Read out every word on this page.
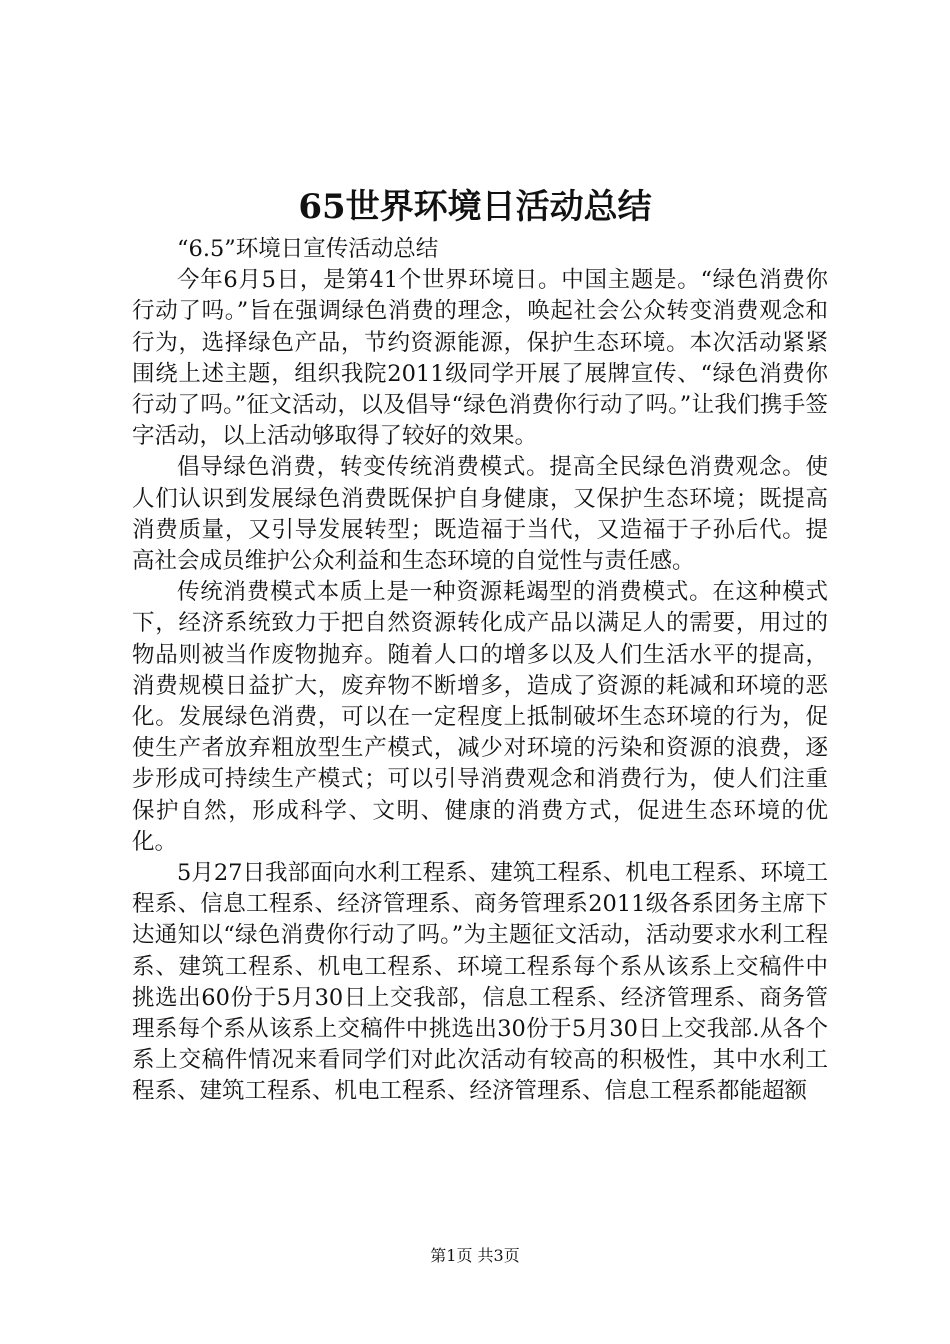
65世界环境日活动总结

“6.5”环境日宣传活动总结

今年6月5日，是第41个世界环境日。中国主题是。“绿色消费你行动了吗。”旨在强调绿色消费的理念，唤起社会公众转变消费观念和行为，选择绿色产品，节约资源能源，保护生态环境。本次活动紧紧围绕上述主题，组织我院2011级同学开展了展牌宣传、“绿色消费你行动了吗。”征文活动，以及倡导“绿色消费你行动了吗。”让我们携手签字活动，以上活动够取得了较好的效果。

倡导绿色消费，转变传统消费模式。提高全民绿色消费观念。使人们认识到发展绿色消费既保护自身健康，又保护生态环境；既提高消费质量，又引导发展转型；既造福于当代，又造福于子孙后代。提高社会成员维护公众利益和生态环境的自觉性与责任感。

传统消费模式本质上是一种资源耗竭型的消费模式。在这种模式下，经济系统致力于把自然资源转化成产品以满足人的需要，用过的物品则被当作废物抛弃。随着人口的增多以及人们生活水平的提高，消费规模日益扩大，废弃物不断增多，造成了资源的耗减和环境的恶化。发展绿色消费，可以在一定程度上抵制破坏生态环境的行为，促使生产者放弃粗放型生产模式，减少对环境的污染和资源的浪费，逐步形成可持续生产模式；可以引导消费观念和消费行为，使人们注重保护自然，形成科学、文明、健康的消费方式，促进生态环境的优化。

5月27日我部面向水利工程系、建筑工程系、机电工程系、环境工程系、信息工程系、经济管理系、商务管理系2011级各系团务主席下达通知以“绿色消费你行动了吗。”为主题征文活动，活动要求水利工程系、建筑工程系、机电工程系、环境工程系每个系从该系上交稿件中挑选出60份于5月30日上交我部，信息工程系、经济管理系、商务管理系每个系从该系上交稿件中挑选出30份于5月30日上交我部.从各个系上交稿件情况来看同学们对此次活动有较高的积极性，其中水利工程系、建筑工程系、机电工程系、经济管理系、信息工程系都能超额

第1页 共3页
